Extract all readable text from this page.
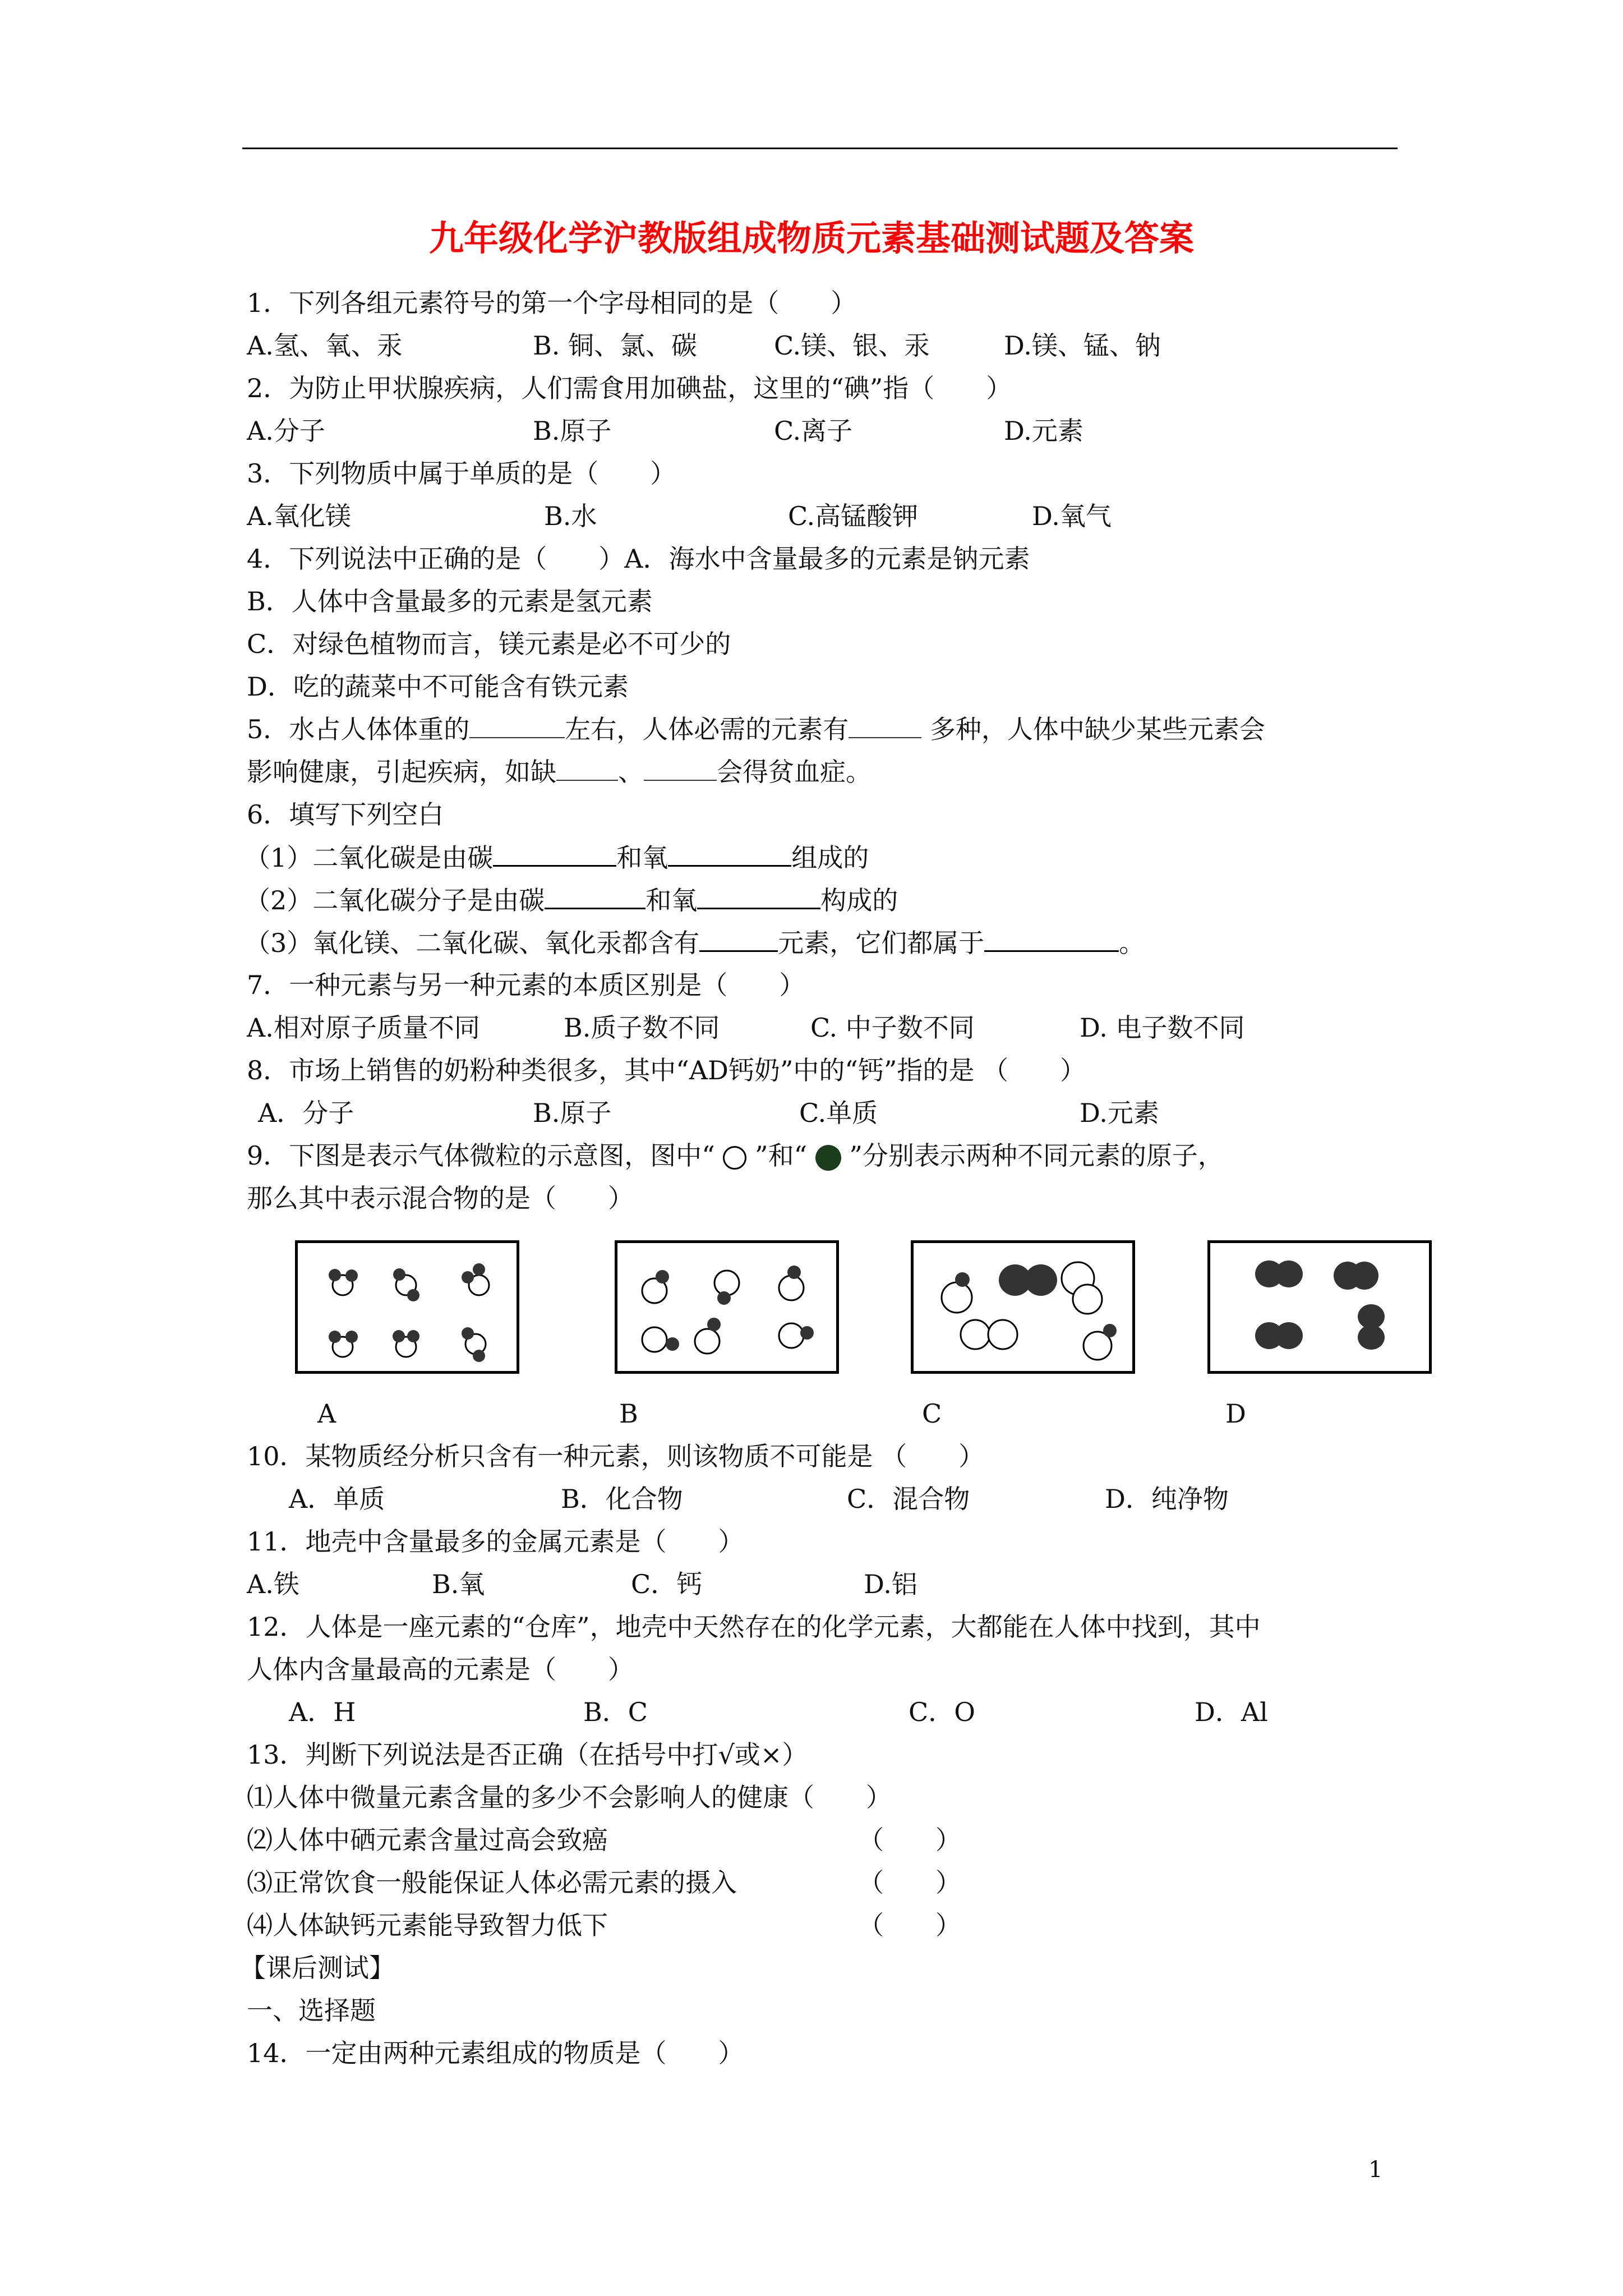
九年级化学沪教版组成物质元素基础测试题及答案
1．下列各组元素符号的第一个字母相同的是（　　）
A.氢、氧、汞	B. 铜、氯、碳	C.镁、银、汞	D.镁、锰、钠
2．为防止甲状腺疾病，人们需食用加碘盐，这里的“碘”指（　　）
A.分子	B.原子	C.离子	D.元素
3．下列物质中属于单质的是（　　）
A.氧化镁	B.水	C.高锰酸钾	D.氧气
4．下列说法中正确的是（　　）A．海水中含量最多的元素是钠元素
B．人体中含量最多的元素是氢元素
C．对绿色植物而言，镁元素是必不可少的
D．吃的蔬菜中不可能含有铁元素
5．水占人体体重的	左右，人体必需的元素有	多种，人体中缺少某些元素会
影响健康，引起疾病，如缺 、	会得贫血症。
6．填写下列空白
（1）二氧化碳是由碳	和氧	组成的
（2）二氧化碳分子是由碳	和氧	构成的
（3）氧化镁、二氧化碳、氧化汞都含有	元素，它们都属于	。
7．一种元素与另一种元素的本质区别是（　　）
A.相对原子质量不同	B.质子数不同	C. 中子数不同	D. 电子数不同
8．市场上销售的奶粉种类很多，其中“AD钙奶”中的“钙”指的是 （　　）
A．分子	B.原子	C.单质	D.元素
9．下图是表示气体微粒的示意图，图中“ ”和“ ”分别表示两种不同元素的原子，
那么其中表示混合物的是（　　）
A	B	C	D
10．某物质经分析只含有一种元素，则该物质不可能是 （　　）
A．单质	B．化合物	C．混合物	D．纯净物
11．地壳中含量最多的金属元素是（　　）
A.铁	B.氧	C．钙	D.铝
12．人体是一座元素的“仓库”，地壳中天然存在的化学元素，大都能在人体中找到，其中
人体内含量最高的元素是（　　）
A．H	B．C	C．O	D．Al
13．判断下列说法是否正确（在括号中打√或×）
⑴人体中微量元素含量的多少不会影响人的健康（　　）
⑵人体中硒元素含量过高会致癌	（　　）
⑶正常饮食一般能保证人体必需元素的摄入	（　　）
⑷人体缺钙元素能导致智力低下	（　　）
【课后测试】
一、选择题
14．一定由两种元素组成的物质是（　　）
1
